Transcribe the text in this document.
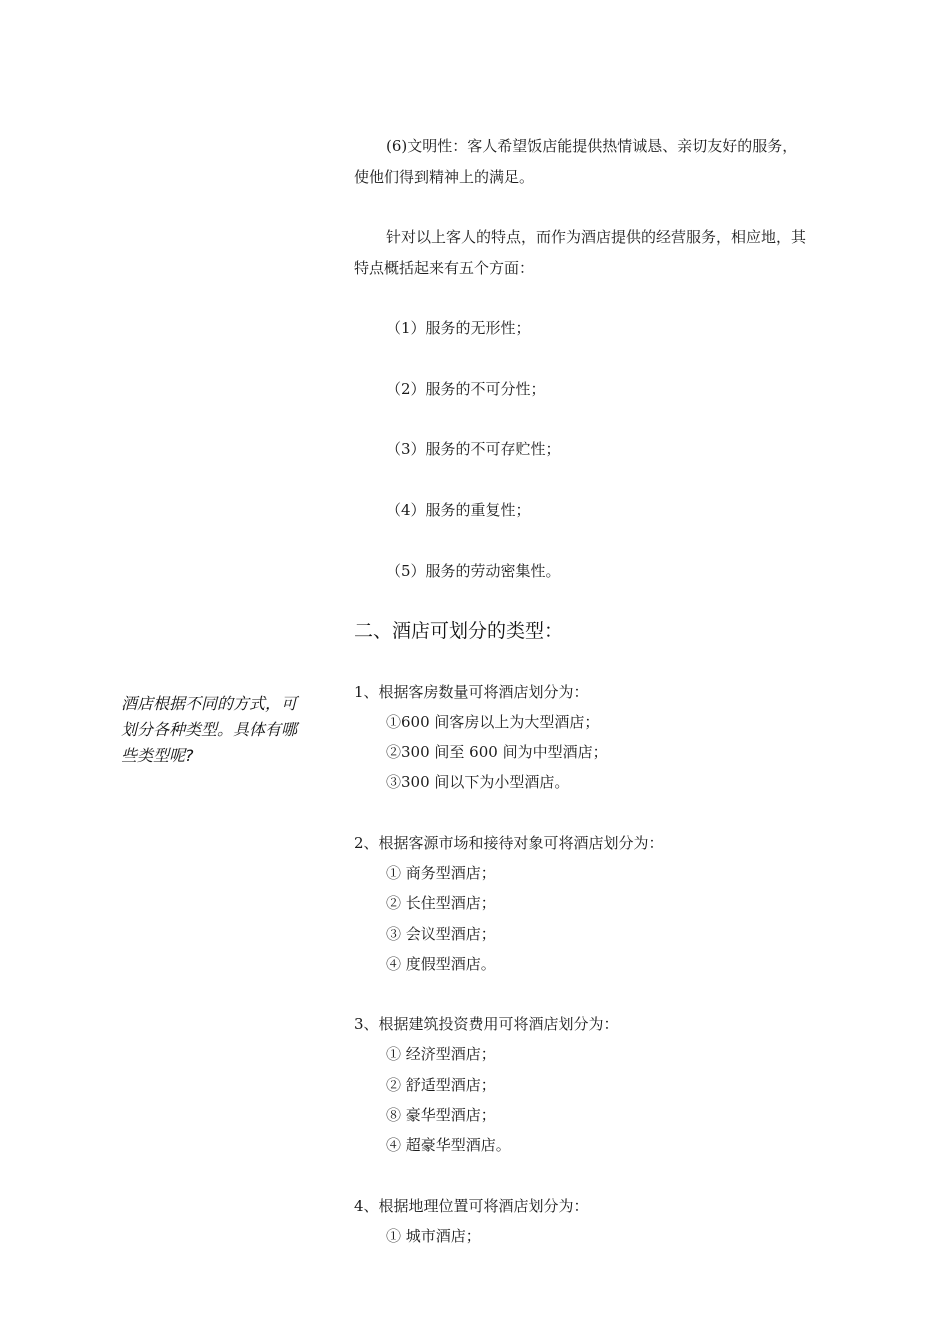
(6)文明性：客人希望饭店能提供热情诚恳、亲切友好的服务，
使他们得到精神上的满足。
针对以上客人的特点，而作为酒店提供的经营服务，相应地，其
特点概括起来有五个方面：
（1）服务的无形性；
（2）服务的不可分性；
（3）服务的不可存贮性；
（4）服务的重复性；
（5）服务的劳动密集性。
二、酒店可划分的类型：
酒店根据不同的方式，可
划分各种类型。具体有哪
些类型呢?
1、根据客房数量可将酒店划分为：
①600 间客房以上为大型酒店；
②300 间至 600 间为中型酒店；
③300 间以下为小型酒店。
2、根据客源市场和接待对象可将酒店划分为：
① 商务型酒店；
② 长住型酒店；
③ 会议型酒店；
④ 度假型酒店。
3、根据建筑投资费用可将酒店划分为：
① 经济型酒店；
② 舒适型酒店；
⑧ 豪华型酒店；
④ 超豪华型酒店。
4、根据地理位置可将酒店划分为：
① 城市酒店；
